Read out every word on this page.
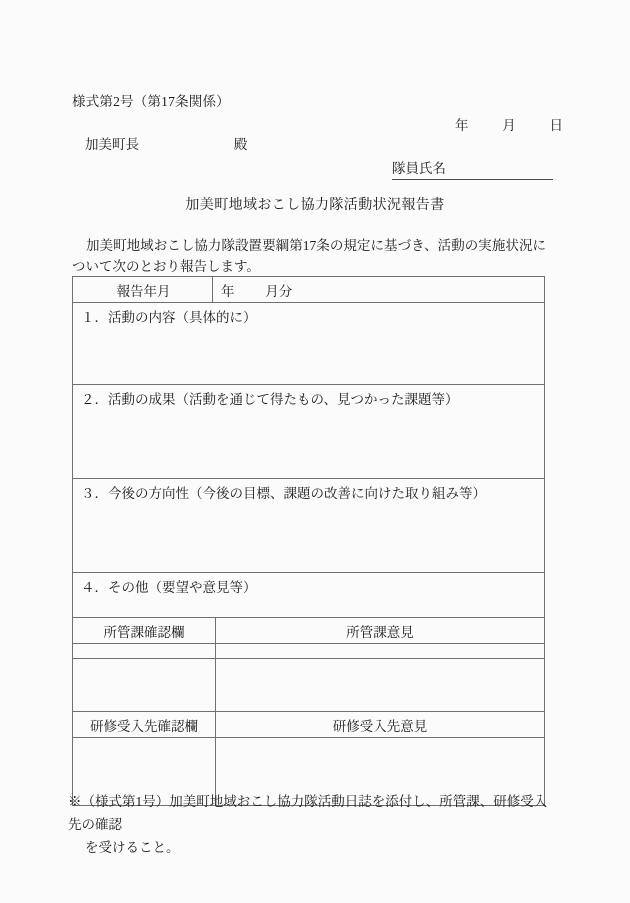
様式第2号（第17条関係）
年	月	日
加美町長	殿
隊員氏名
加美町地域おこし協力隊活動状況報告書
加美町地域おこし協力隊設置要綱第17条の規定に基づき、活動の実施状況について次のとおり報告します。
報告年月	年 月分
１．活動の内容（具体的に）
２．活動の成果（活動を通じて得たもの、見つかった課題等）
３．今後の方向性（今後の目標、課題の改善に向けた取り組み等）
４．その他（要望や意見等）
所管課確認欄	所管課意見

研修受入先確認欄	研修受入先意見

※（様式第1号）加美町地域おこし協力隊活動日誌を添付し、所管課、研修受入先の確認
を受けること。
